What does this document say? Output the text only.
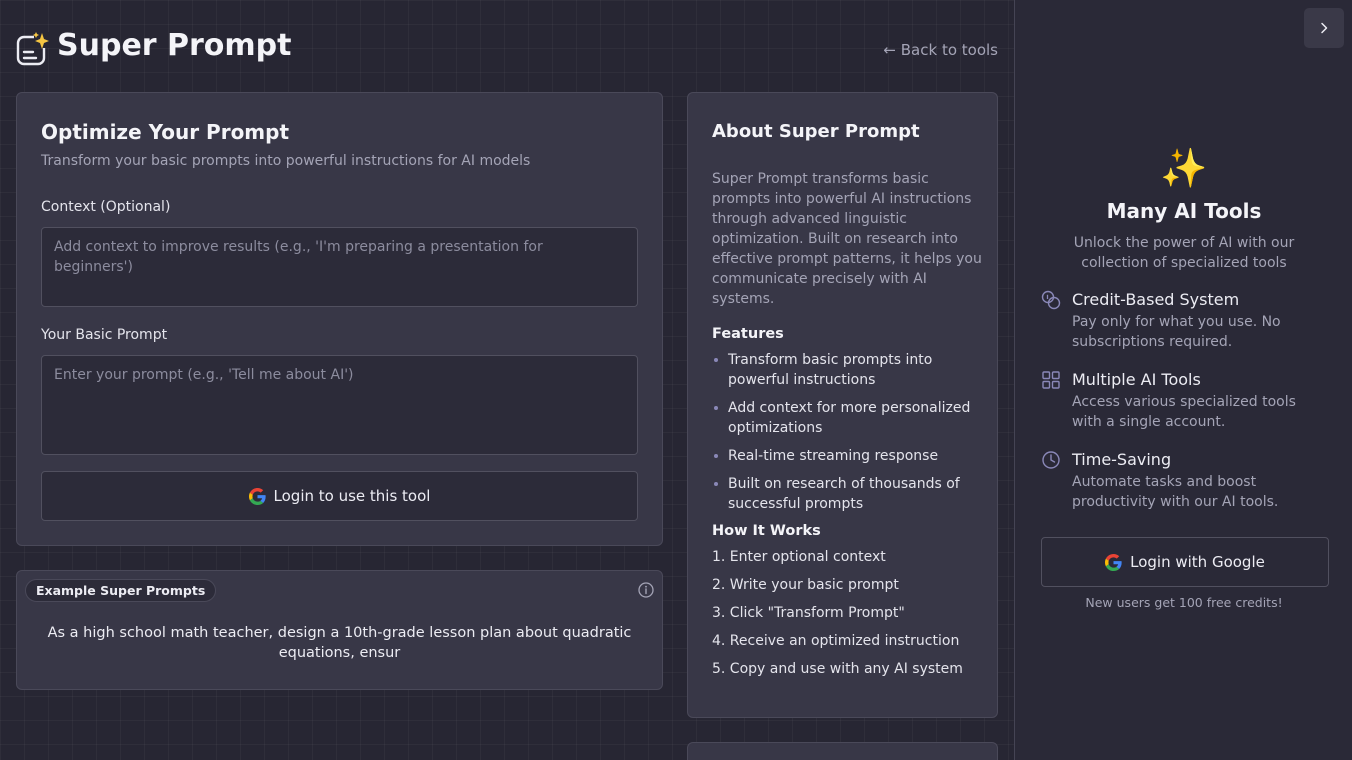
Super Prompt	← Back to tools
Optimize Your Prompt
Transform your basic prompts into powerful instructions for AI models
Context (Optional)
Add context to improve results (e.g., 'I'm preparing a presentation for beginners')
Your Basic Prompt
Enter your prompt (e.g., 'Tell me about AI')
Login to use this tool
Example Super Prompts
As a high school math teacher, design a 10th-grade lesson plan about quadratic equations, ensur
About Super Prompt
Super Prompt transforms basic prompts into powerful AI instructions through advanced linguistic optimization. Built on research into effective prompt patterns, it helps you communicate precisely with AI systems.
Features
Transform basic prompts into powerful instructions
Add context for more personalized optimizations
Real-time streaming response
Built on research of thousands of successful prompts
How It Works
1. Enter optional context
2. Write your basic prompt
3. Click "Transform Prompt"
4. Receive an optimized instruction
5. Copy and use with any AI system
✨
Many AI Tools
Unlock the power of AI with our collection of specialized tools
Credit-Based System
Pay only for what you use. No subscriptions required.
Multiple AI Tools
Access various specialized tools with a single account.
Time-Saving
Automate tasks and boost productivity with our AI tools.
Login with Google
New users get 100 free credits!
